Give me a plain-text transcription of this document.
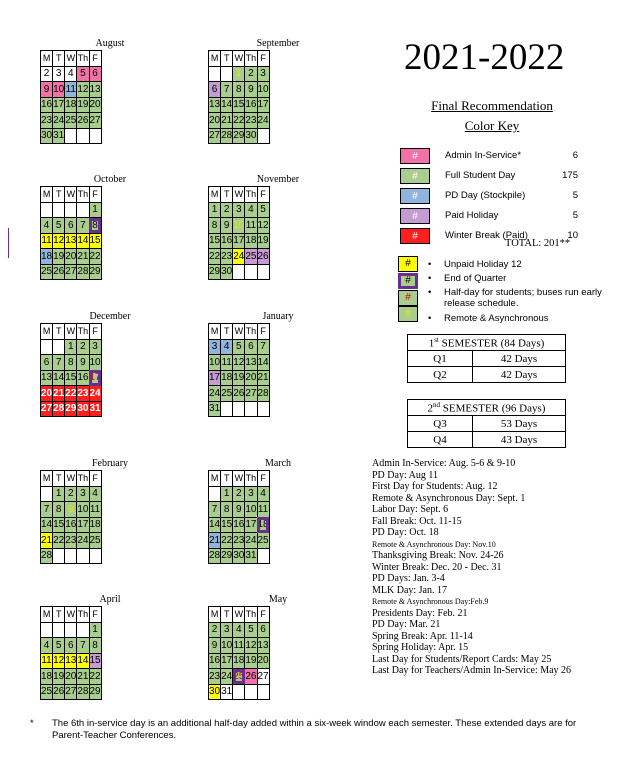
August
M	T	W	Th	F
2	3	4	5	6
9	10	11	12	13
16	17	18	19	20
23	24	25	26	27
30	31			
September
M	T	W	Th	F
		1	2	3
6	7	8	9	10
13	14	15	16	17
20	21	22	23	24
27	28	29	30	
October
M	T	W	Th	F
				1
4	5	6	7	8
11	12	13	14	15
18	19	20	21	22
25	26	27	28	29
November
M	T	W	Th	F
1	2	3	4	5
8	9	10	11	12
15	16	17	18	19
22	23	24	25	26
29	30			
December
M	T	W	Th	F
		1	2	3
6	7	8	9	10
13	14	15	16	17
20	21	22	23	24
27	28	29	30	31
January
M	T	W	Th	F
3	4	5	6	7
10	11	12	13	14
17	18	19	20	21
24	25	26	27	28
31				
February
M	T	W	Th	F
	1	2	3	4
7	8	9	10	11
14	15	16	17	18
21	22	23	24	25
28				
March
M	T	W	Th	F
	1	2	3	4
7	8	9	10	11
14	15	16	17	18
21	22	23	24	25
28	29	30	31	
April
M	T	W	Th	F
				1
4	5	6	7	8
11	12	13	14	15
18	19	20	21	22
25	26	27	28	29
May
M	T	W	Th	F
2	3	4	5	6
9	10	11	12	13
16	17	18	19	20
23	24	25	26	27
30	31			
2021-2022
Final Recommendation
Color Key
#	Admin In-Service*	6
#	Full Student Day	175
#	PD Day (Stockpile)	5
#	Paid Holiday	5
#	Winter Break (Paid)	10
TOTAL: 201**
#	• Unpaid Holiday 12
#	• End of Quarter
#	• Half-day for students; buses run early release schedule.
#	• Remote & Asynchronous
1st SEMESTER (84 Days)	
Q1	42 Days
Q2	42 Days
2nd SEMESTER (96 Days)	
Q3	53 Days
Q4	43 Days
Admin In-Service: Aug. 5-6 & 9-10
PD Day: Aug 11
First Day for Students: Aug. 12
Remote & Asynchronous Day: Sept. 1
Labor Day: Sept. 6
Fall Break: Oct. 11-15
PD Day: Oct. 18
Remote & Asynchronous Day: Nov.10
Thanksgiving Break: Nov. 24-26
Winter Break: Dec. 20 - Dec. 31
PD Days: Jan. 3-4
MLK Day: Jan. 17
Remote & Asynchronous Day:Feb.9
Presidents Day: Feb. 21
PD Day: Mar. 21
Spring Break: Apr. 11-14
Spring Holiday: Apr. 15
Last Day for Students/Report Cards: May 25
Last Day for Teachers/Admin In-Service: May 26
*	The 6th in-service day is an additional half-day added within a six-week window each semester. These extended days are for Parent-Teacher Conferences.
